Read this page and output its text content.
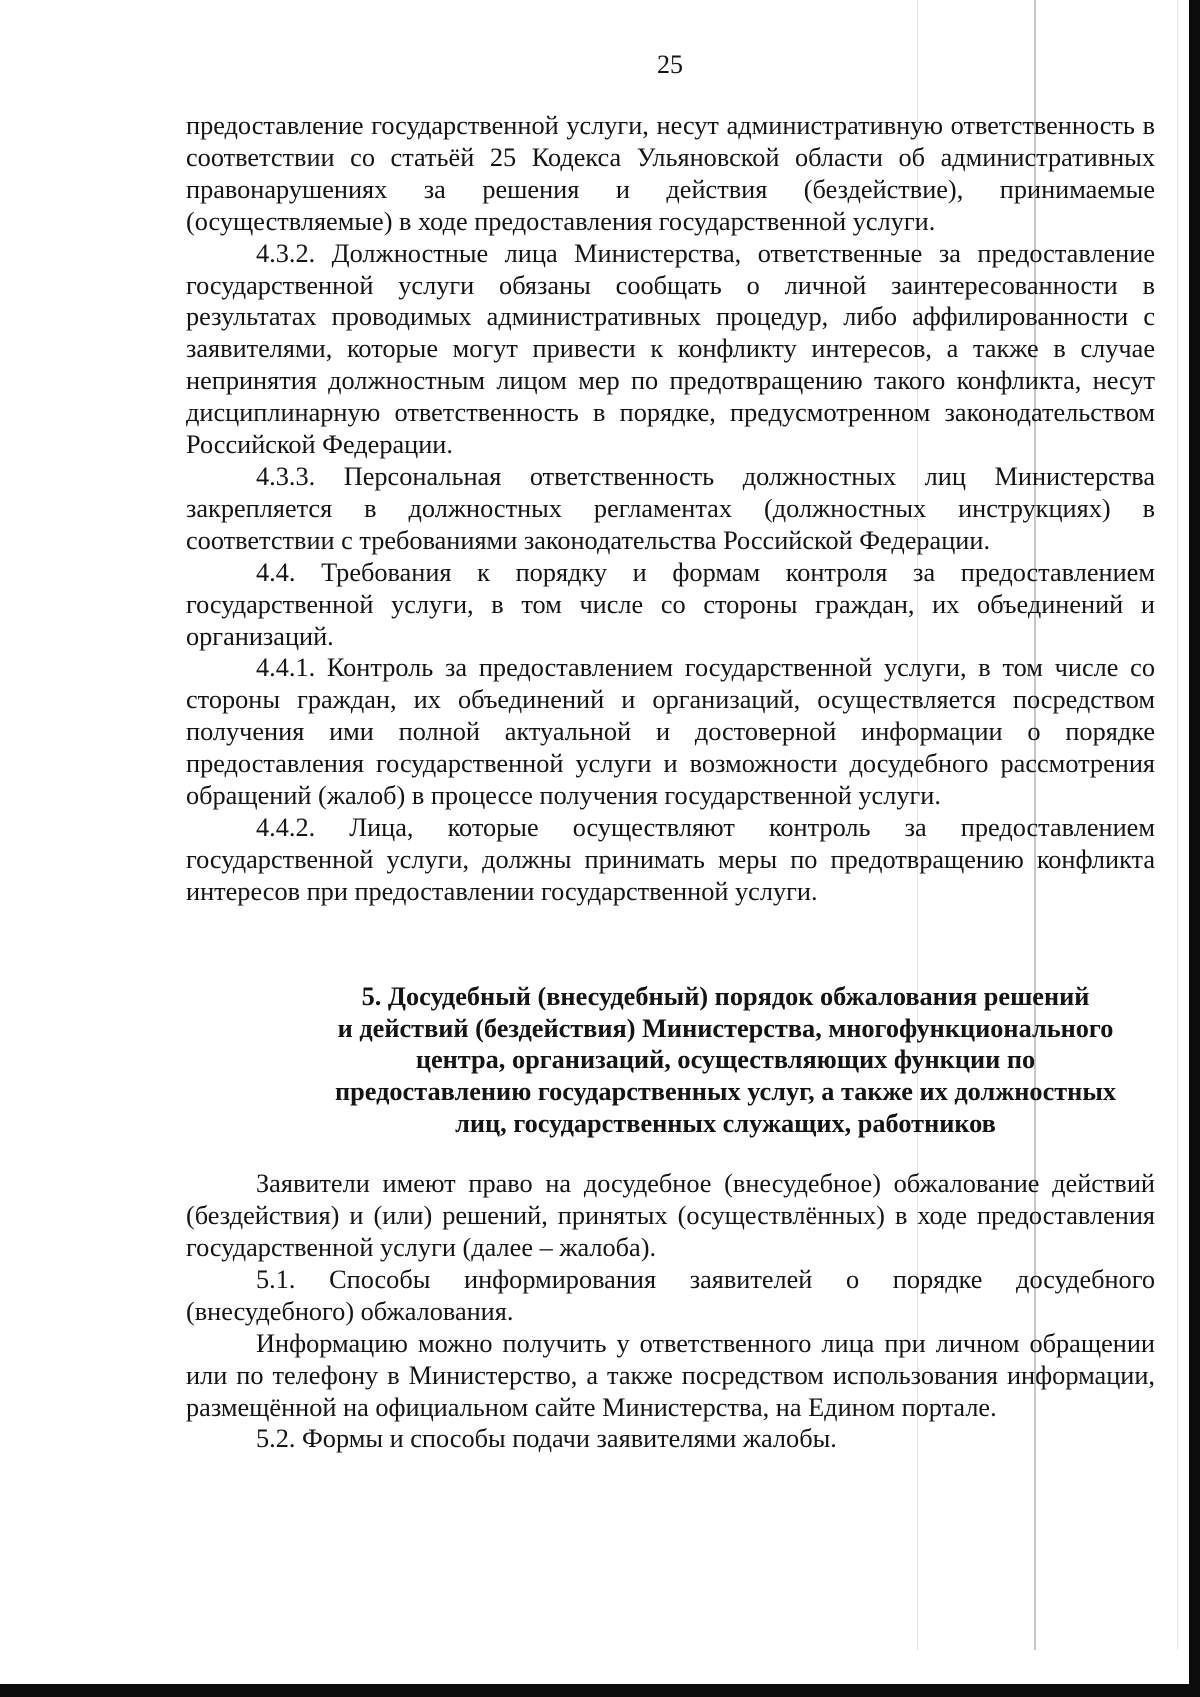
25

предоставление государственной услуги, несут административную ответственность в соответствии со статьёй 25 Кодекса Ульяновской области об административных правонарушениях за решения и действия (бездействие), принимаемые (осуществляемые) в ходе предоставления государственной услуги.

4.3.2. Должностные лица Министерства, ответственные за предоставление государственной услуги обязаны сообщать о личной заинтересованности в результатах проводимых административных процедур, либо аффилированности с заявителями, которые могут привести к конфликту интересов, а также в случае непринятия должностным лицом мер по предотвращению такого конфликта, несут дисциплинарную ответственность в порядке, предусмотренном законодательством Российской Федерации.

4.3.3. Персональная ответственность должностных лиц Министерства закрепляется в должностных регламентах (должностных инструкциях) в соответствии с требованиями законодательства Российской Федерации.

4.4. Требования к порядку и формам контроля за предоставлением государственной услуги, в том числе со стороны граждан, их объединений и организаций.

4.4.1. Контроль за предоставлением государственной услуги, в том числе со стороны граждан, их объединений и организаций, осуществляется посредством получения ими полной актуальной и достоверной информации о порядке предоставления государственной услуги и возможности досудебного рассмотрения обращений (жалоб) в процессе получения государственной услуги.

4.4.2. Лица, которые осуществляют контроль за предоставлением государственной услуги, должны принимать меры по предотвращению конфликта интересов при предоставлении государственной услуги.

5. Досудебный (внесудебный) порядок обжалования решений
и действий (бездействия) Министерства, многофункционального
центра, организаций, осуществляющих функции по
предоставлению государственных услуг, а также их должностных
лиц, государственных служащих, работников

Заявители имеют право на досудебное (внесудебное) обжалование действий (бездействия) и (или) решений, принятых (осуществлённых) в ходе предоставления государственной услуги (далее – жалоба).

5.1. Способы информирования заявителей о порядке досудебного (внесудебного) обжалования.

Информацию можно получить у ответственного лица при личном обращении или по телефону в Министерство, а также посредством использования информации, размещённой на официальном сайте Министерства, на Едином портале.

5.2. Формы и способы подачи заявителями жалобы.
